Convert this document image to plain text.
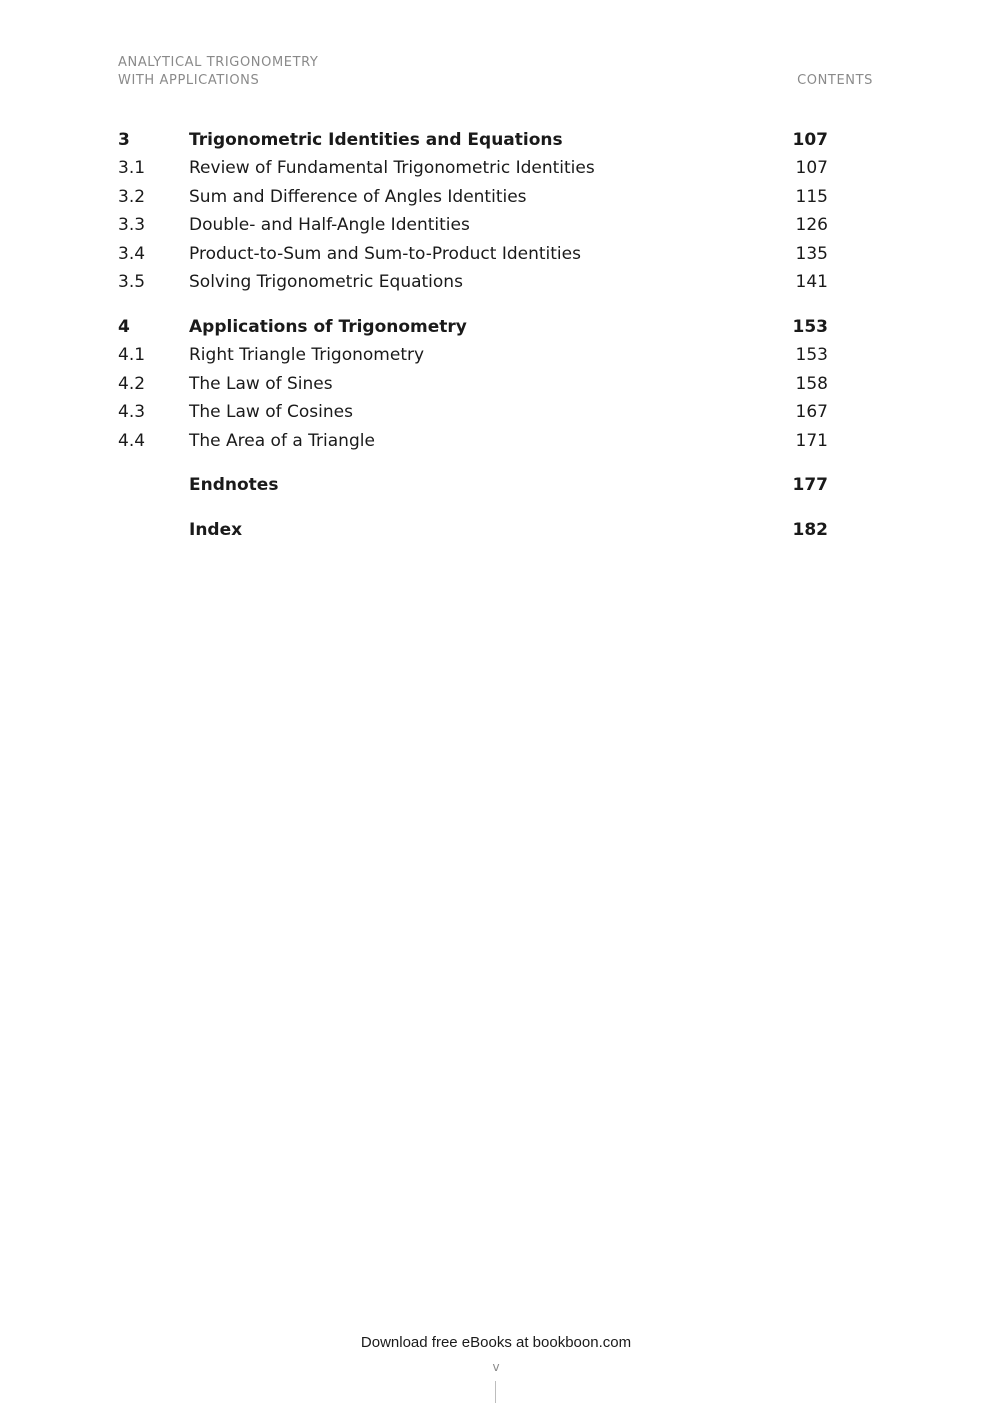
ANALYTICAL TRIGONOMETRY
WITH APPLICATIONS	CONTENTS
3	Trigonometric Identities and Equations	107
3.1	Review of Fundamental Trigonometric Identities	107
3.2	Sum and Difference of Angles Identities	115
3.3	Double- and Half-Angle Identities	126
3.4	Product-to-Sum and Sum-to-Product Identities	135
3.5	Solving Trigonometric Equations	141
4	Applications of Trigonometry	153
4.1	Right Triangle Trigonometry	153
4.2	The Law of Sines	158
4.3	The Law of Cosines	167
4.4	The Area of a Triangle	171
Endnotes	177
Index	182
Download free eBooks at bookboon.com
v
